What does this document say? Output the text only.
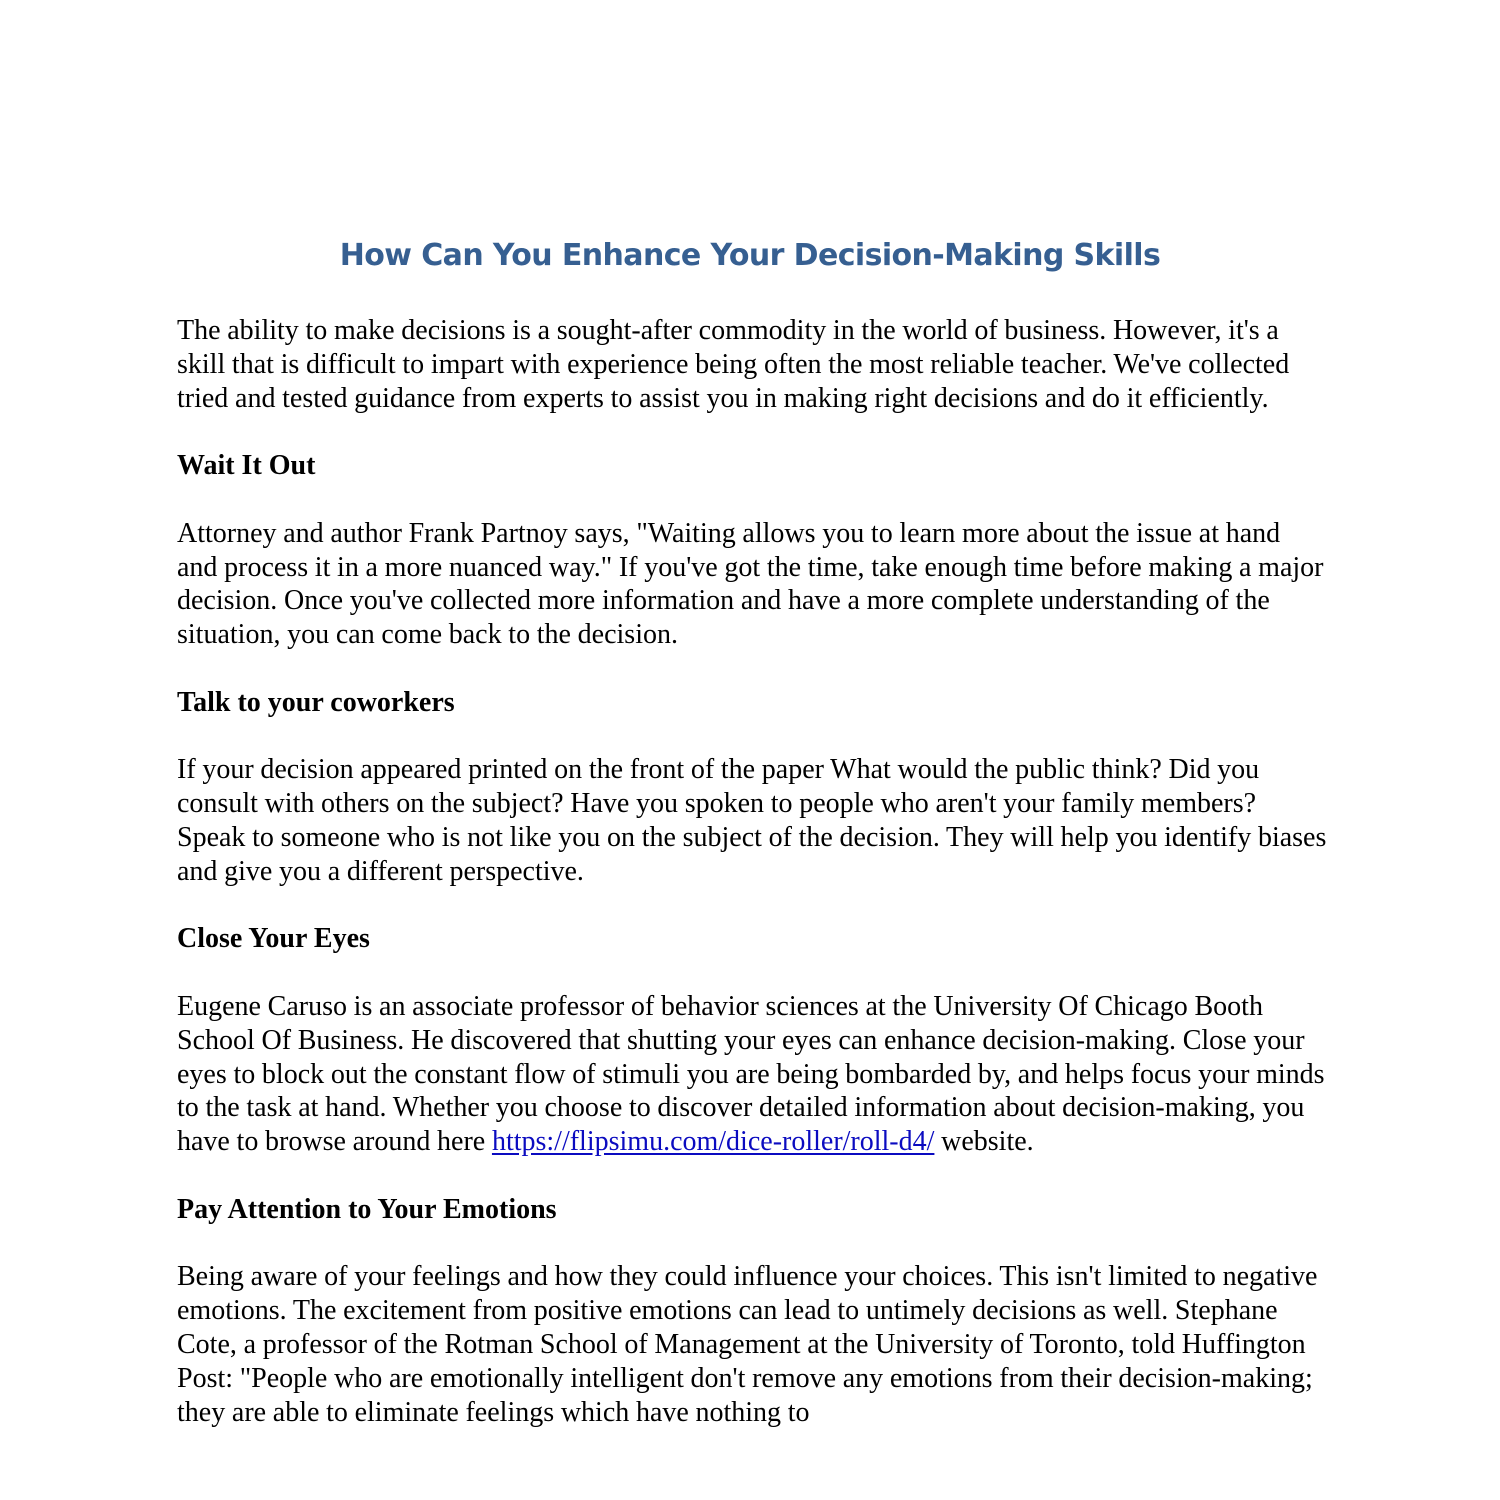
How Can You Enhance Your Decision-Making Skills

The ability to make decisions is a sought-after commodity in the world of business. However, it's a skill that is difficult to impart with experience being often the most reliable teacher. We've collected tried and tested guidance from experts to assist you in making right decisions and do it efficiently.

Wait It Out

Attorney and author Frank Partnoy says, "Waiting allows you to learn more about the issue at hand and process it in a more nuanced way." If you've got the time, take enough time before making a major decision. Once you've collected more information and have a more complete understanding of the situation, you can come back to the decision.

Talk to your coworkers

If your decision appeared printed on the front of the paper What would the public think? Did you consult with others on the subject? Have you spoken to people who aren't your family members? Speak to someone who is not like you on the subject of the decision. They will help you identify biases and give you a different perspective.

Close Your Eyes

Eugene Caruso is an associate professor of behavior sciences at the University Of Chicago Booth School Of Business. He discovered that shutting your eyes can enhance decision-making. Close your eyes to block out the constant flow of stimuli you are being bombarded by, and helps focus your minds to the task at hand. Whether you choose to discover detailed information about decision-making, you have to browse around here https://flipsimu.com/dice-roller/roll-d4/ website.

Pay Attention to Your Emotions

Being aware of your feelings and how they could influence your choices. This isn't limited to negative emotions. The excitement from positive emotions can lead to untimely decisions as well. Stephane Cote, a professor of the Rotman School of Management at the University of Toronto, told Huffington Post: "People who are emotionally intelligent don't remove any emotions from their decision-making; they are able to eliminate feelings which have nothing to
